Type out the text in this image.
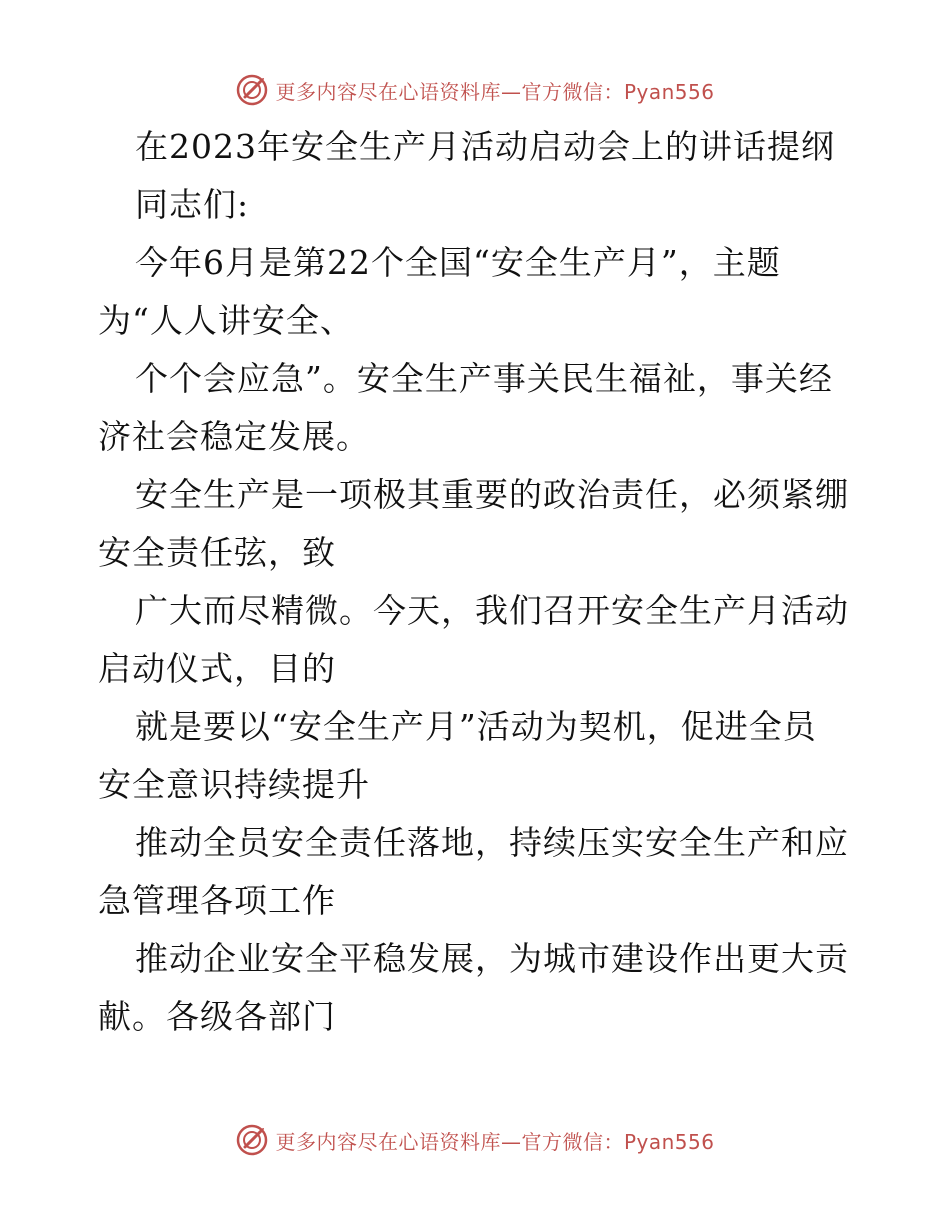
更多内容尽在心语资料库—官方微信：Pyan556
在2023年安全生产月活动启动会上的讲话提纲
同志们:
今年6月是第22个全国“安全生产月”，主题
为“人人讲安全、
个个会应急”。安全生产事关民生福祉，事关经
济社会稳定发展。
安全生产是一项极其重要的政治责任，必须紧绷
安全责任弦，致
广大而尽精微。今天，我们召开安全生产月活动
启动仪式，目的
就是要以“安全生产月”活动为契机，促进全员
安全意识持续提升
推动全员安全责任落地，持续压实安全生产和应
急管理各项工作
推动企业安全平稳发展，为城市建设作出更大贡
献。各级各部门
更多内容尽在心语资料库—官方微信：Pyan556
